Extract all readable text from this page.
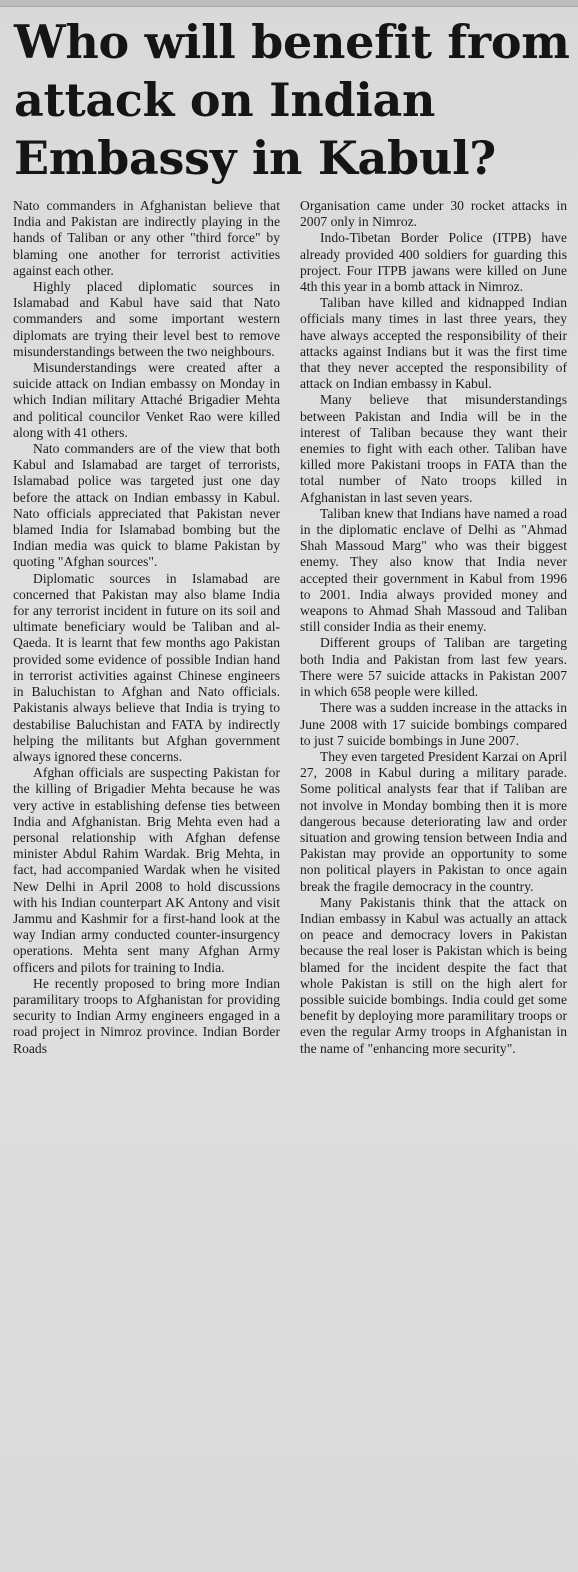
Who will benefit from
attack on Indian
Embassy in Kabul?

Nato commanders in Afghanistan believe that India and Pakistan are indirectly playing in the hands of Taliban or any other "third force" by blaming one another for terrorist activities against each other.

Highly placed diplomatic sources in Islamabad and Kabul have said that Nato commanders and some important western diplomats are trying their level best to remove misunderstandings between the two neighbours.

Misunderstandings were created after a suicide attack on Indian embassy on Monday in which Indian military Attaché Brigadier Mehta and political councilor Venket Rao were killed along with 41 others.

Nato commanders are of the view that both Kabul and Islamabad are target of terrorists, Islamabad police was targeted just one day before the attack on Indian embassy in Kabul. Nato officials appreciated that Pakistan never blamed India for Islamabad bombing but the Indian media was quick to blame Pakistan by quoting "Afghan sources".

Diplomatic sources in Islamabad are concerned that Pakistan may also blame India for any terrorist incident in future on its soil and ultimate beneficiary would be Taliban and al-Qaeda. It is learnt that few months ago Pakistan provided some evidence of possible Indian hand in terrorist activities against Chinese engineers in Baluchistan to Afghan and Nato officials. Pakistanis always believe that India is trying to destabilise Baluchistan and FATA by indirectly helping the militants but Afghan government always ignored these concerns.

Afghan officials are suspecting Pakistan for the killing of Brigadier Mehta because he was very active in establishing defense ties between India and Afghanistan. Brig Mehta even had a personal relationship with Afghan defense minister Abdul Rahim Wardak. Brig Mehta, in fact, had accompanied Wardak when he visited New Delhi in April 2008 to hold discussions with his Indian counterpart AK Antony and visit Jammu and Kashmir for a first-hand look at the way Indian army conducted counter-insurgency operations. Mehta sent many Afghan Army officers and pilots for training to India.

He recently proposed to bring more Indian paramilitary troops to Afghanistan for providing security to Indian Army engineers engaged in a road project in Nimroz province. Indian Border Roads

Organisation came under 30 rocket attacks in 2007 only in Nimroz.

Indo-Tibetan Border Police (ITPB) have already provided 400 soldiers for guarding this project. Four ITPB jawans were killed on June 4th this year in a bomb attack in Nimroz.

Taliban have killed and kidnapped Indian officials many times in last three years, they have always accepted the responsibility of their attacks against Indians but it was the first time that they never accepted the responsibility of attack on Indian embassy in Kabul.

Many believe that misunderstandings between Pakistan and India will be in the interest of Taliban because they want their enemies to fight with each other. Taliban have killed more Pakistani troops in FATA than the total number of Nato troops killed in Afghanistan in last seven years.

Taliban knew that Indians have named a road in the diplomatic enclave of Delhi as "Ahmad Shah Massoud Marg" who was their biggest enemy. They also know that India never accepted their government in Kabul from 1996 to 2001. India always provided money and weapons to Ahmad Shah Massoud and Taliban still consider India as their enemy.

Different groups of Taliban are targeting both India and Pakistan from last few years. There were 57 suicide attacks in Pakistan 2007 in which 658 people were killed.

There was a sudden increase in the attacks in June 2008 with 17 suicide bombings compared to just 7 suicide bombings in June 2007.

They even targeted President Karzai on April 27, 2008 in Kabul during a military parade. Some political analysts fear that if Taliban are not involve in Monday bombing then it is more dangerous because deteriorating law and order situation and growing tension between India and Pakistan may provide an opportunity to some non political players in Pakistan to once again break the fragile democracy in the country.

Many Pakistanis think that the attack on Indian embassy in Kabul was actually an attack on peace and democracy lovers in Pakistan because the real loser is Pakistan which is being blamed for the incident despite the fact that whole Pakistan is still on the high alert for possible suicide bombings. India could get some benefit by deploying more paramilitary troops or even the regular Army troops in Afghanistan in the name of "enhancing more security".
